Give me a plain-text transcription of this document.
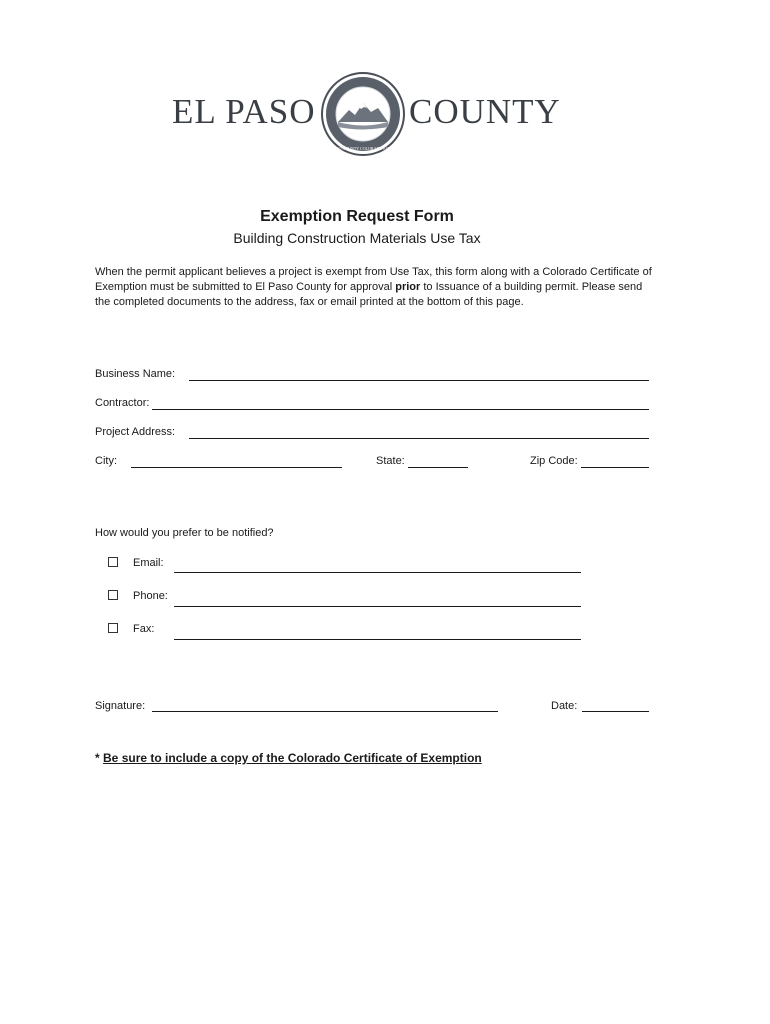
EL PASO
EL PASO COUNTY COLORADO EST. 1861
COUNTY
Exemption Request Form
Building Construction Materials Use Tax
When the permit applicant believes a project is exempt from Use Tax, this form along with a Colorado Certificate of Exemption must be submitted to El Paso County for approval prior to Issuance of a building permit. Please send the completed documents to the address, fax or email printed at the bottom of this page.
Business Name:
Contractor:
Project Address:
City:	State:	Zip Code:
How would you prefer to be notified?
Email:
Phone:
Fax:
Signature:	Date:
* Be sure to include a copy of the Colorado Certificate of Exemption
